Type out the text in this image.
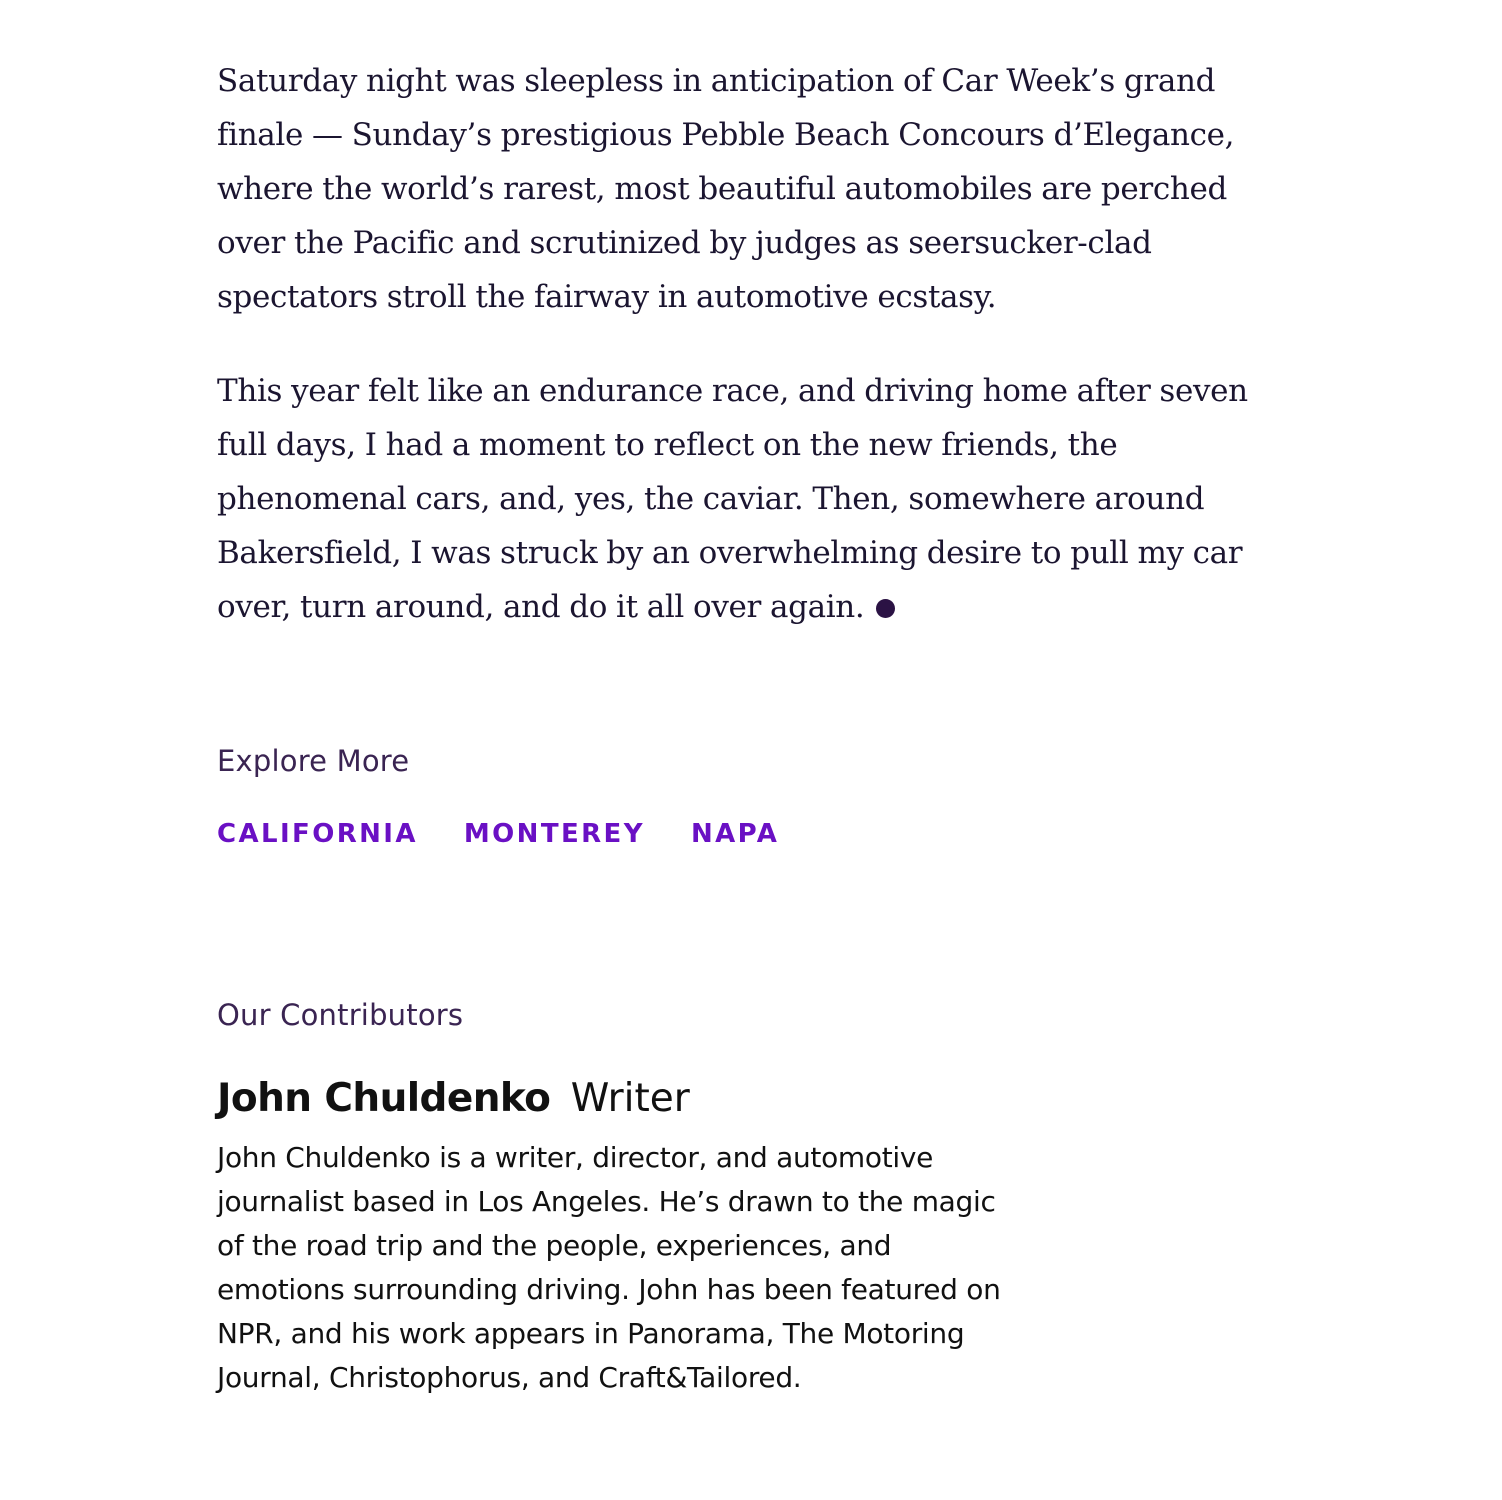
Saturday night was sleepless in anticipation of Car Week’s grand finale — Sunday’s prestigious Pebble Beach Concours d’Elegance, where the world’s rarest, most beautiful automobiles are perched over the Pacific and scrutinized by judges as seersucker-clad spectators stroll the fairway in automotive ecstasy.

This year felt like an endurance race, and driving home after seven full days, I had a moment to reflect on the new friends, the phenomenal cars, and, yes, the caviar. Then, somewhere around Bakersfield, I was struck by an overwhelming desire to pull my car over, turn around, and do it all over again.

Explore More
CALIFORNIA MONTEREY NAPA
Our Contributors
John Chuldenko Writer

John Chuldenko is a writer, director, and automotive journalist based in Los Angeles. He’s drawn to the magic of the road trip and the people, experiences, and emotions surrounding driving. John has been featured on NPR, and his work appears in Panorama, The Motoring Journal, Christophorus, and Craft&Tailored.
